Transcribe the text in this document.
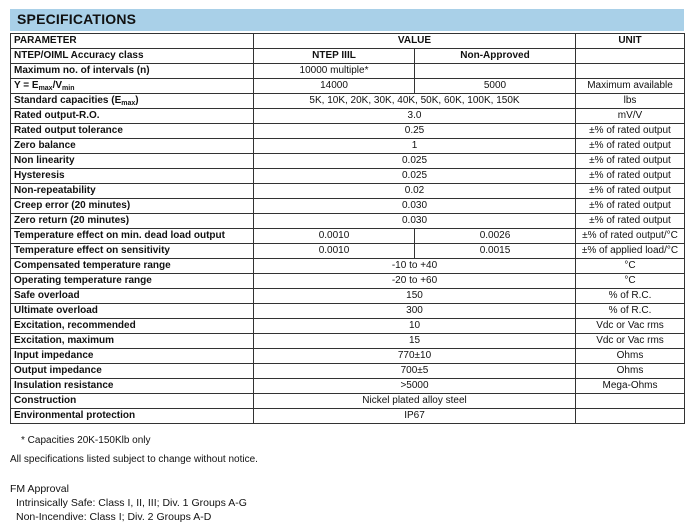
SPECIFICATIONS
PARAMETER	VALUE		UNIT
NTEP/OIML Accuracy class	NTEP IIIL	Non-Approved	
Maximum no. of intervals (n)	10000 multiple*		
$Y = E_{max}/V_{min}$	14000	5000	Maximum available
Standard capacities $(E_{max})$	5K, 10K, 20K, 30K, 40K, 50K, 60K, 100K, 150K		lbs
Rated output-R.O.	3.0		mV/V
Rated output tolerance	0.25		±% of rated output
Zero balance	1		±% of rated output
Non linearity	0.025		±% of rated output
Hysteresis	0.025		±% of rated output
Non-repeatability	0.02		±% of rated output
Creep error (20 minutes)	0.030		±% of rated output
Zero return (20 minutes)	0.030		±% of rated output
Temperature effect on min. dead load output	0.0010	0.0026	±% of rated output/°C
Temperature effect on sensitivity	0.0010	0.0015	±% of applied load/°C
Compensated temperature range	-10 to +40		°C
Operating temperature range	-20 to +60		°C
Safe overload	150		% of R.C.
Ultimate overload	300		% of R.C.
Excitation, recommended	10		Vdc or Vac rms
Excitation, maximum	15		Vdc or Vac rms
Input impedance	770±10		Ohms
Output impedance	700±5		Ohms
Insulation resistance	>5000		Mega-Ohms
Construction	Nickel plated alloy steel		
Environmental protection	IP67		
* Capacities 20K-150Klb only
All specifications listed subject to change without notice.
FM Approval
Intrinsically Safe: Class I, II, III; Div. 1 Groups A-G
Non-Incendive: Class I; Div. 2 Groups A-D
